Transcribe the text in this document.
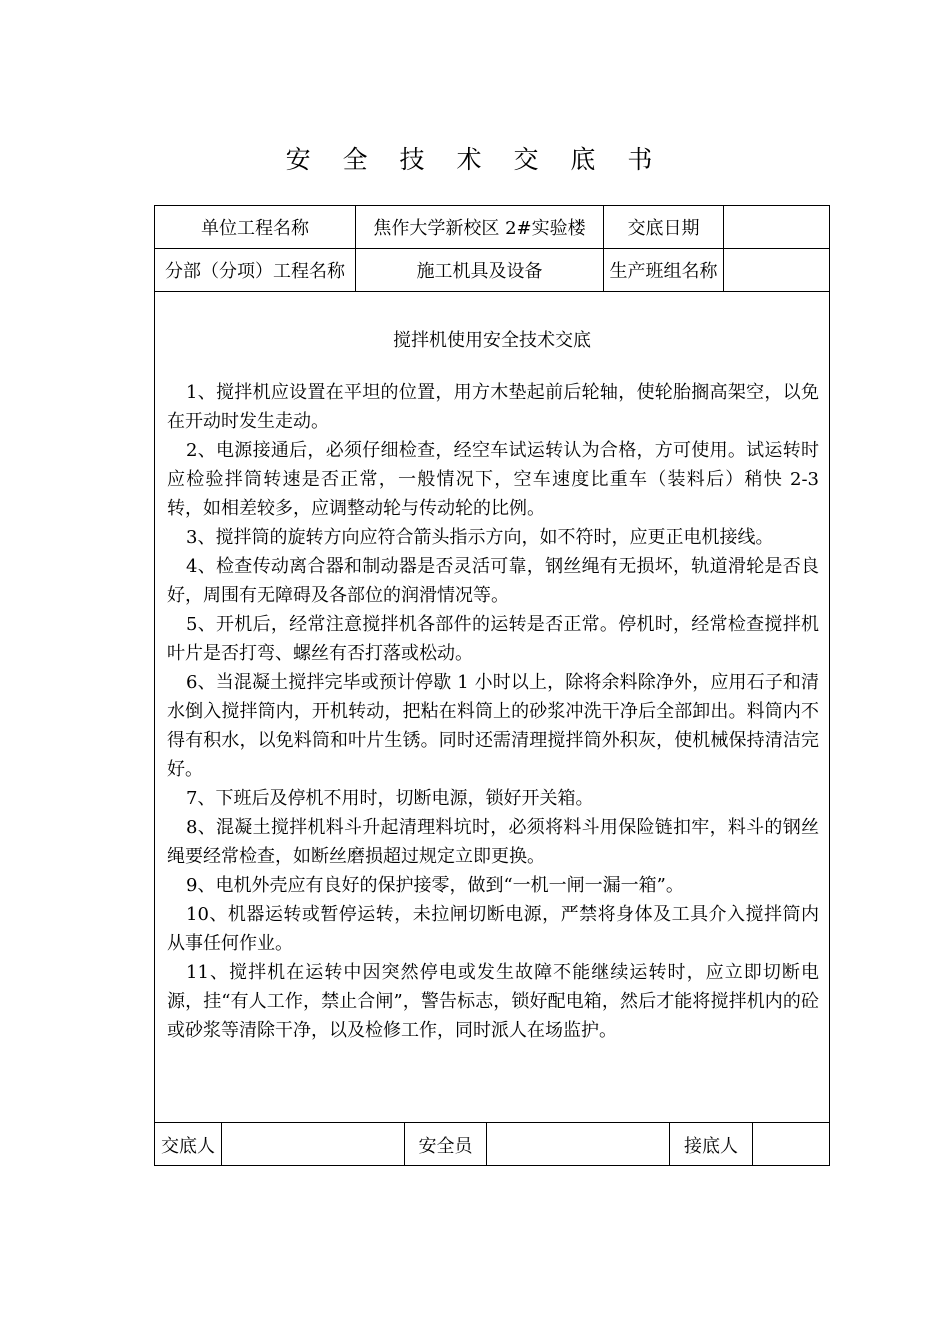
安 全 技 术 交 底 书
单位工程名称	焦作大学新校区 2#实验楼	交底日期
分部（分项）工程名称	施工机具及设备	生产班组名称
搅拌机使用安全技术交底

1、搅拌机应设置在平坦的位置，用方木垫起前后轮轴，使轮胎搁高架空，以免在开动时发生走动。

2、电源接通后，必须仔细检查，经空车试运转认为合格，方可使用。试运转时应检验拌筒转速是否正常，一般情况下，空车速度比重车（装料后）稍快 2-3 转，如相差较多，应调整动轮与传动轮的比例。

3、搅拌筒的旋转方向应符合箭头指示方向，如不符时，应更正电机接线。

4、检查传动离合器和制动器是否灵活可靠，钢丝绳有无损坏，轨道滑轮是否良好，周围有无障碍及各部位的润滑情况等。

5、开机后，经常注意搅拌机各部件的运转是否正常。停机时，经常检查搅拌机叶片是否打弯、螺丝有否打落或松动。

6、当混凝土搅拌完毕或预计停歇 1 小时以上，除将余料除净外，应用石子和清水倒入搅拌筒内，开机转动，把粘在料筒上的砂浆冲洗干净后全部卸出。料筒内不得有积水，以免料筒和叶片生锈。同时还需清理搅拌筒外积灰，使机械保持清洁完好。

7、下班后及停机不用时，切断电源，锁好开关箱。

8、混凝土搅拌机料斗升起清理料坑时，必须将料斗用保险链扣牢，料斗的钢丝绳要经常检查，如断丝磨损超过规定立即更换。

9、电机外壳应有良好的保护接零，做到“一机一闸一漏一箱”。

10、机器运转或暂停运转，未拉闸切断电源，严禁将身体及工具介入搅拌筒内从事任何作业。

11、搅拌机在运转中因突然停电或发生故障不能继续运转时，应立即切断电源，挂“有人工作，禁止合闸”，警告标志，锁好配电箱，然后才能将搅拌机内的砼或砂浆等清除干净，以及检修工作，同时派人在场监护。

交底人	安全员	接底人
